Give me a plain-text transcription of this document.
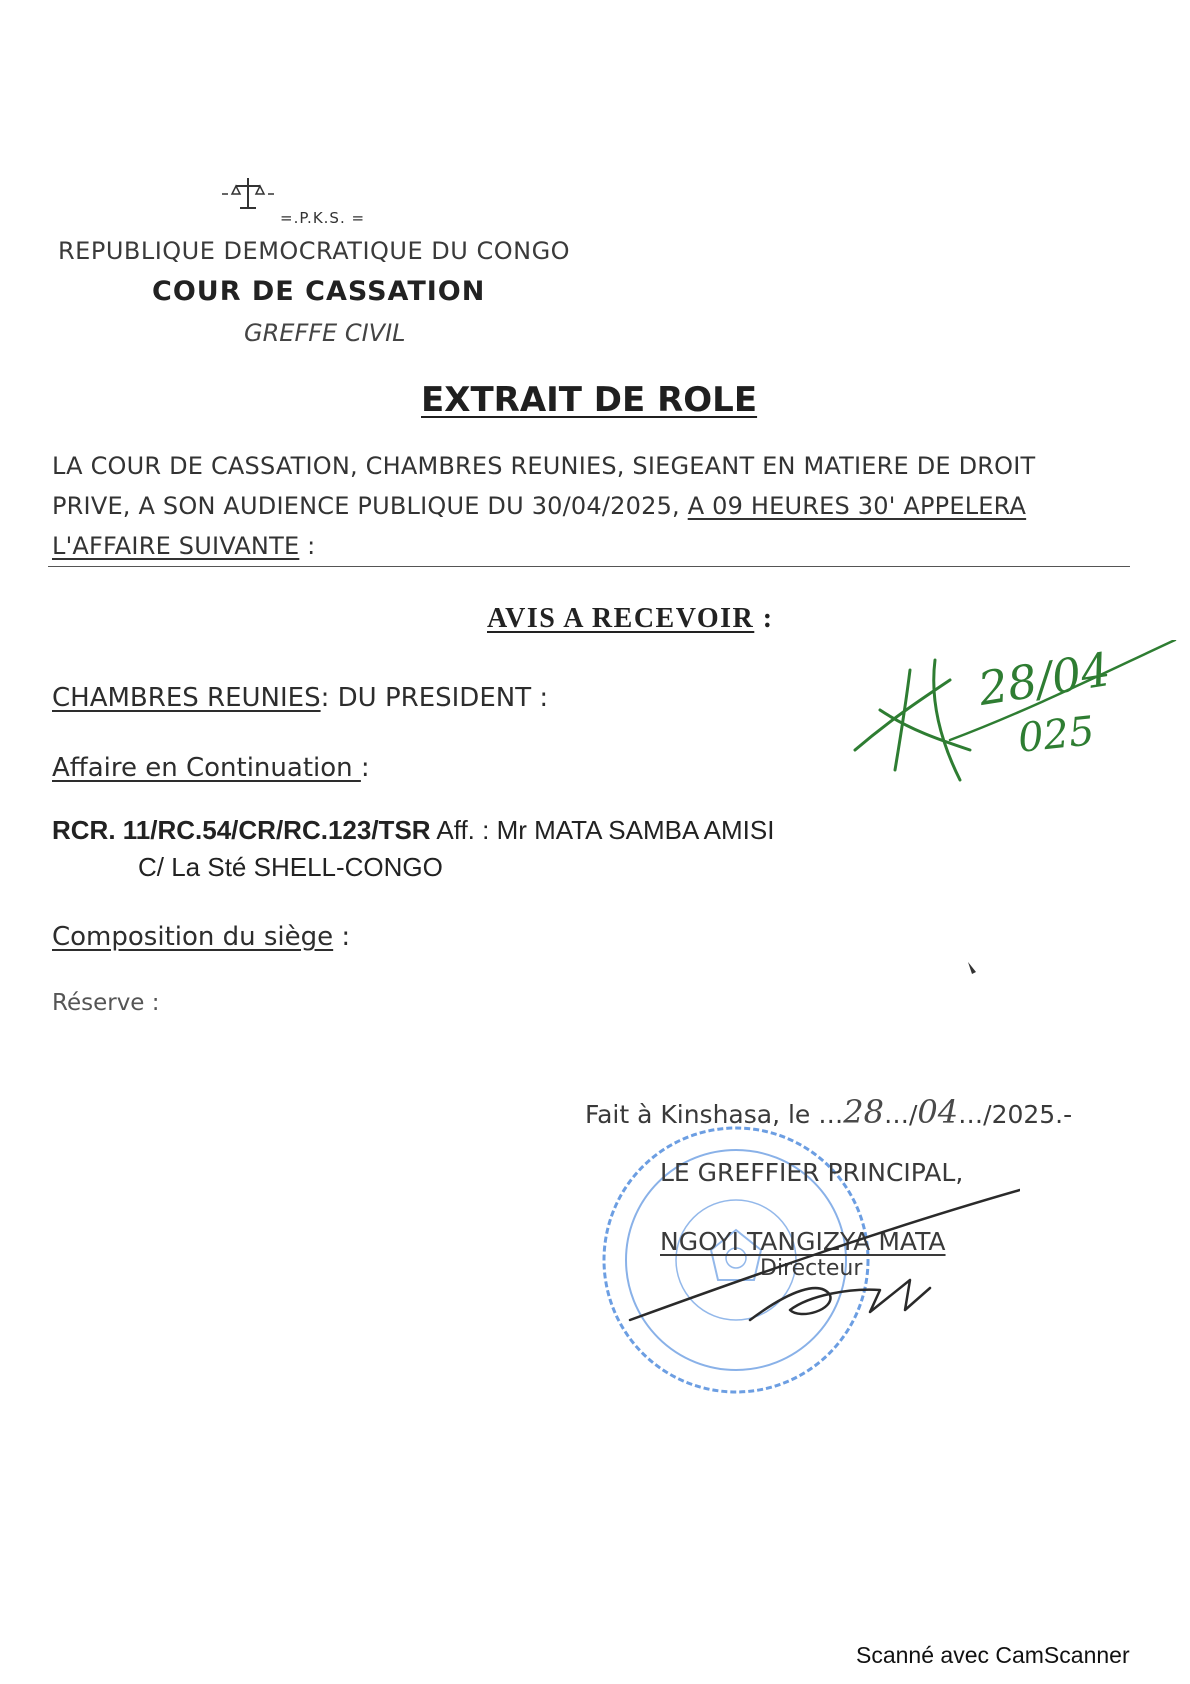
=.P.K.S. =
REPUBLIQUE DEMOCRATIQUE DU CONGO
COUR DE CASSATION
GREFFE CIVIL
EXTRAIT DE ROLE
LA COUR DE CASSATION, CHAMBRES REUNIES, SIEGEANT EN MATIERE DE DROIT
PRIVE, A SON AUDIENCE PUBLIQUE DU 30/04/2025, A 09 HEURES 30' APPELERA
L'AFFAIRE SUIVANTE :
AVIS A RECEVOIR :
CHAMBRES REUNIES: DU PRESIDENT :
Affaire en Continuation :
RCR. 11/RC.54/CR/RC.123/TSR Aff. : Mr MATA SAMBA AMISI
C/ La Sté SHELL-CONGO
Composition du siège :
Réserve :
28/04
025
Fait à Kinshasa, le …28…/04…/2025.-
LE GREFFIER PRINCIPAL,
NGOYI TANGIZYA MATA
Directeur
Scanné avec CamScanner
